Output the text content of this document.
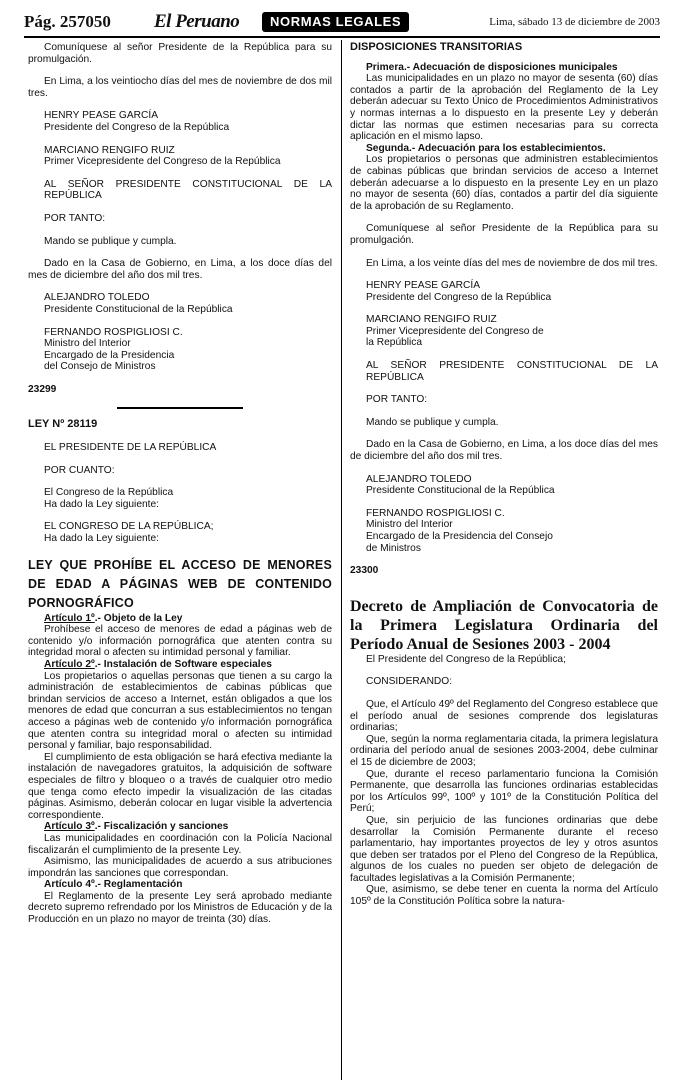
Pág. 257050 El Peruano	NORMAS LEGALES	Lima, sábado 13 de diciembre de 2003

Comuníquese al señor Presidente de la República para su promulgación.

En Lima, a los veintiocho días del mes de noviembre de dos mil tres.

HENRY PEASE GARCÍA

Presidente del Congreso de la República

MARCIANO RENGIFO RUIZ

Primer Vicepresidente del Congreso de la República

AL SEÑOR PRESIDENTE CONSTITUCIONAL DE LA REPÚBLICA

POR TANTO:

Mando se publique y cumpla.

Dado en la Casa de Gobierno, en Lima, a los doce días del mes de diciembre del año dos mil tres.

ALEJANDRO TOLEDO

Presidente Constitucional de la República

FERNANDO ROSPIGLIOSI C.

Ministro del Interior

Encargado de la Presidencia

del Consejo de Ministros

23299

LEY Nº 28119

EL PRESIDENTE DE LA REPÚBLICA

POR CUANTO:

El Congreso de la República

Ha dado la Ley siguiente:

EL CONGRESO DE LA REPÚBLICA;

Ha dado la Ley siguiente:

LEY QUE PROHÍBE EL ACCESO DE MENORES DE EDAD A PÁGINAS WEB DE CONTENIDO PORNOGRÁFICO

Artículo 1º.- Objeto de la Ley

Prohíbese el acceso de menores de edad a páginas web de contenido y/o información pornográfica que atenten contra su integridad moral o afecten su intimidad personal y familiar.

Artículo 2º.- Instalación de Software especiales

Los propietarios o aquellas personas que tienen a su cargo la administración de establecimientos de cabinas públicas que brindan servicios de acceso a Internet, están obligados a que los menores de edad que concurran a sus establecimientos no tengan acceso a páginas web de contenido y/o información pornográfica que atenten contra su integridad moral o afecten su intimidad personal y familiar, bajo responsabilidad.

El cumplimiento de esta obligación se hará efectiva mediante la instalación de navegadores gratuitos, la adquisición de software especiales de filtro y bloqueo o a través de cualquier otro medio que tenga como efecto impedir la visualización de las citadas páginas. Asimismo, deberán colocar en lugar visible la advertencia correspondiente.

Artículo 3º.- Fiscalización y sanciones

Las municipalidades en coordinación con la Policía Nacional fiscalizarán el cumplimiento de la presente Ley.

Asimismo, las municipalidades de acuerdo a sus atribuciones impondrán las sanciones que correspondan.

Artículo 4º.- Reglamentación

El Reglamento de la presente Ley será aprobado mediante decreto supremo refrendado por los Ministros de Educación y de la Producción en un plazo no mayor de treinta (30) días.

DISPOSICIONES TRANSITORIAS

Primera.- Adecuación de disposiciones municipales

Las municipalidades en un plazo no mayor de sesenta (60) días contados a partir de la aprobación del Reglamento de la Ley deberán adecuar su Texto Único de Procedimientos Administrativos y normas internas a lo dispuesto en la presente Ley y deberán dictar las normas que estimen necesarias para su correcta aplicación en el mismo lapso.

Segunda.- Adecuación para los establecimientos.

Los propietarios o personas que administren establecimientos de cabinas públicas que brindan servicios de acceso a Internet deberán adecuarse a lo dispuesto en la presente Ley en un plazo no mayor de sesenta (60) días, contados a partir del día siguiente de la aprobación de su Reglamento.

Comuníquese al señor Presidente de la República para su promulgación.

En Lima, a los veinte días del mes de noviembre de dos mil tres.

HENRY PEASE GARCÍA

Presidente del Congreso de la República

MARCIANO RENGIFO RUIZ

Primer Vicepresidente del Congreso de

la República

AL SEÑOR PRESIDENTE CONSTITUCIONAL DE LA REPÚBLICA

POR TANTO:

Mando se publique y cumpla.

Dado en la Casa de Gobierno, en Lima, a los doce días del mes de diciembre del año dos mil tres.

ALEJANDRO TOLEDO

Presidente Constitucional de la República

FERNANDO ROSPIGLIOSI C.

Ministro del Interior

Encargado de la Presidencia del Consejo

de Ministros

23300

Decreto de Ampliación de Convocatoria de la Primera Legislatura Ordinaria del Período Anual de Sesiones 2003 - 2004

El Presidente del Congreso de la República;

CONSIDERANDO:

Que, el Artículo 49º del Reglamento del Congreso establece que el período anual de sesiones comprende dos legislaturas ordinarias;

Que, según la norma reglamentaria citada, la primera legislatura ordinaria del período anual de sesiones 2003-2004, debe culminar el 15 de diciembre de 2003;

Que, durante el receso parlamentario funciona la Comisión Permanente, que desarrolla las funciones ordinarias establecidas por los Artículos 99º, 100º y 101º de la Constitución Política del Perú;

Que, sin perjuicio de las funciones ordinarias que debe desarrollar la Comisión Permanente durante el receso parlamentario, hay importantes proyectos de ley y otros asuntos que deben ser tratados por el Pleno del Congreso de la República, algunos de los cuales no pueden ser objeto de delegación de facultades legislativas a la Comisión Permanente;

Que, asimismo, se debe tener en cuenta la norma del Artículo 105º de la Constitución Política sobre la natura-
